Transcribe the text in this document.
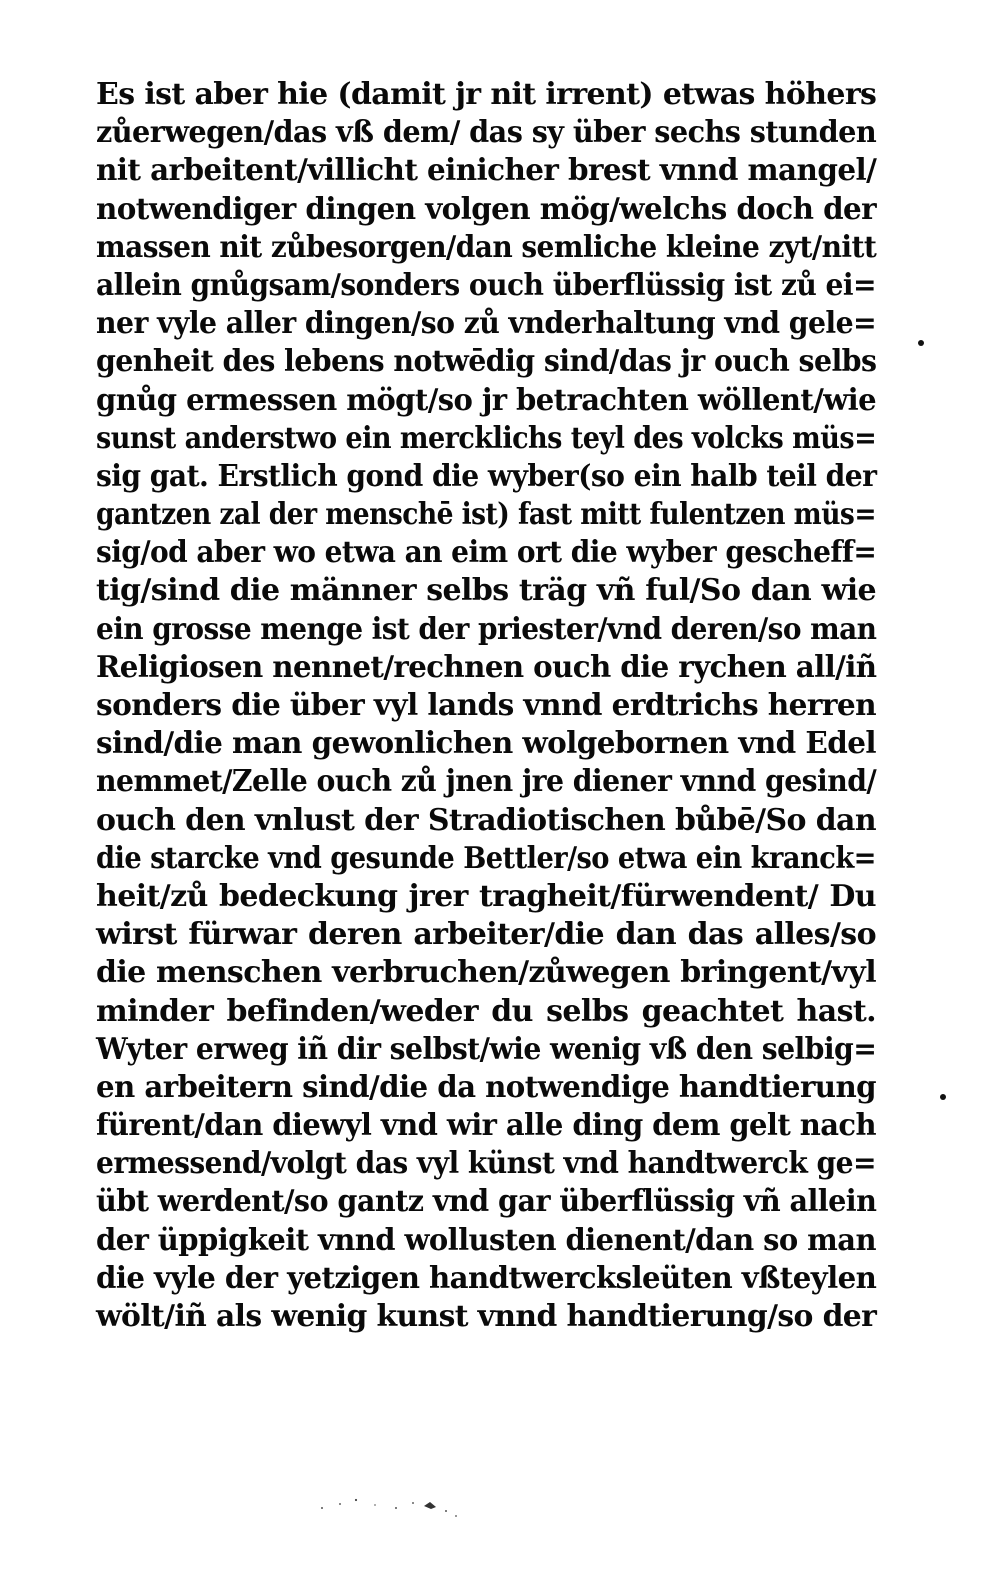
Es ist aber hie (damit jr nit irrent) etwas höhers
zůerwegen/das vß dem/ das sy über sechs stunden
nit arbeitent/villicht einicher brest vnnd mangel/
notwendiger dingen volgen mög/welchs doch der
massen nit zůbesorgen/dan semliche kleine zyt/nitt
allein gnůgsam/sonders ouch überflüssig ist zů ei=
ner vyle aller dingen/so zů vnderhaltung vnd gele=
genheit des lebens notwēdig sind/das jr ouch selbs
gnůg ermessen mögt/so jr betrachten wöllent/wie
sunst anderstwo ein mercklichs teyl des volcks müs=
sig gat. Erstlich gond die wyber(so ein halb teil der
gantzen zal der menschē ist) fast mitt fulentzen müs=
sig/od aber wo etwa an eim ort die wyber gescheff=
tig/sind die männer selbs träg vñ ful/So dan wie
ein grosse menge ist der priester/vnd deren/so man
Religiosen nennet/rechnen ouch die rychen all/iñ
sonders die über vyl lands vnnd erdtrichs herren
sind/die man gewonlichen wolgebornen vnd Edel
nemmet/Zelle ouch zů jnen jre diener vnnd gesind/
ouch den vnlust der Stradiotischen bůbē/So dan
die starcke vnd gesunde Bettler/so etwa ein kranck=
heit/zů bedeckung jrer tragheit/fürwendent/ Du
wirst fürwar deren arbeiter/die dan das alles/so
die menschen verbruchen/zůwegen bringent/vyl
minder befinden/weder du selbs geachtet hast.
Wyter erweg iñ dir selbst/wie wenig vß den selbig=
en arbeitern sind/die da notwendige handtierung
fürent/dan diewyl vnd wir alle ding dem gelt nach
ermessend/volgt das vyl künst vnd handtwerck ge=
übt werdent/so gantz vnd gar überflüssig vñ allein
der üppigkeit vnnd wollusten dienent/dan so man
die vyle der yetzigen handtwercksleüten vßteylen
wölt/iñ als wenig kunst vnnd handtierung/so der
